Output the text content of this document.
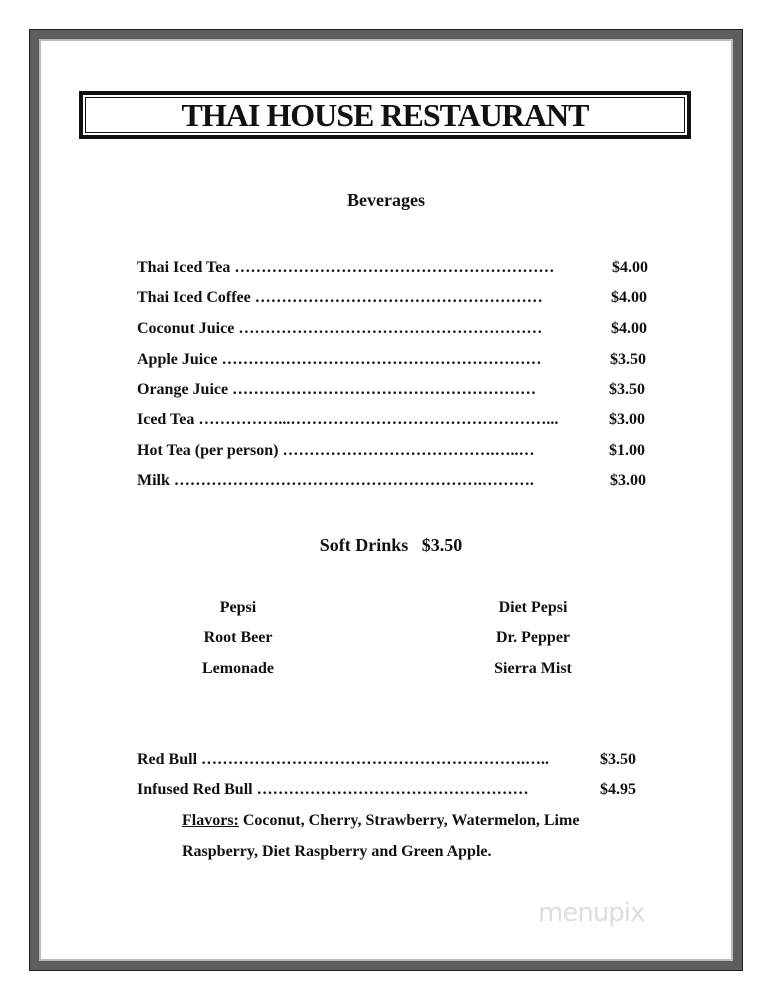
THAI HOUSE RESTAURANT
Beverages
Thai Iced Tea ……………………………………………………	$4.00
Thai Iced Coffee ………………………………………………	$4.00
Coconut Juice …………………………………………………	$4.00
Apple Juice ……………………………………………………	$3.50
Orange Juice …………………………………………………	$3.50
Iced Tea ……………...…………………………………………...	$3.00
Hot Tea (per person) ………………………………….…..…	$1.00
Milk ………………………………………………….……….	$3.00
Soft Drinks   $3.50
Pepsi
Root Beer
Lemonade
Diet Pepsi
Dr. Pepper
Sierra Mist
Red Bull …………………………………………………….…..	$3.50
Infused Red Bull ……………………………………………	$4.95
Flavors: Coconut, Cherry, Strawberry, Watermelon, Lime
Raspberry, Diet Raspberry and Green Apple.
menupix
